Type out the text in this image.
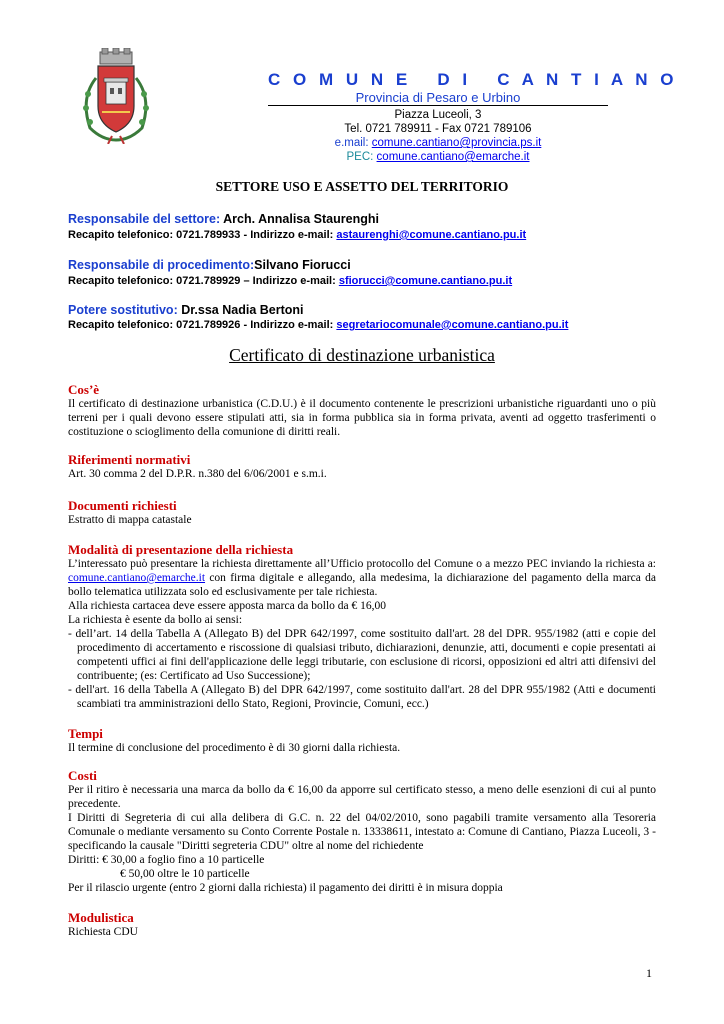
C O M U N E   D I   C A N T I A N O
Provincia di Pesaro e Urbino
Piazza Luceoli, 3
Tel. 0721 789911 - Fax 0721 789106
e.mail: comune.cantiano@provincia.ps.it
PEC: comune.cantiano@emarche.it
SETTORE USO E ASSETTO DEL TERRITORIO
Responsabile del settore: Arch. Annalisa Staurenghi
Recapito telefonico: 0721.789933 - Indirizzo e-mail: astaurenghi@comune.cantiano.pu.it
Responsabile di procedimento:Silvano Fiorucci
Recapito telefonico: 0721.789929 – Indirizzo e-mail: sfiorucci@comune.cantiano.pu.it
Potere sostitutivo: Dr.ssa Nadia Bertoni
Recapito telefonico: 0721.789926 - Indirizzo e-mail: segretariocomunale@comune.cantiano.pu.it
Certificato di destinazione urbanistica
Cos’è
Il certificato di destinazione urbanistica (C.D.U.) è il documento contenente le prescrizioni urbanistiche riguardanti uno o più terreni per i quali devono essere stipulati atti, sia in forma pubblica sia in forma privata, aventi ad oggetto trasferimenti o costituzione o scioglimento della comunione di diritti reali.
Riferimenti normativi
Art. 30 comma 2 del D.P.R. n.380 del 6/06/2001 e s.m.i.
Documenti richiesti
Estratto di mappa catastale
Modalità di presentazione della richiesta
L’interessato può presentare la richiesta direttamente all’Ufficio protocollo del Comune o a mezzo PEC inviando la richiesta a: comune.cantiano@emarche.it con firma digitale e allegando, alla medesima, la dichiarazione del pagamento della marca da bollo telematica utilizzata solo ed esclusivamente per tale richiesta.
Alla richiesta cartacea deve essere apposta marca da bollo da € 16,00
La richiesta è esente da bollo ai sensi:
- dell’art. 14 della Tabella A (Allegato B) del DPR 642/1997, come sostituito dall'art. 28 del DPR. 955/1982 (atti e copie del procedimento di accertamento e riscossione di qualsiasi tributo, dichiarazioni, denunzie, atti, documenti e copie presentati ai competenti uffici ai fini dell'applicazione delle leggi tributarie, con esclusione di ricorsi, opposizioni ed altri atti difensivi del contribuente; (es: Certificato ad Uso Successione);
- dell'art. 16 della Tabella A (Allegato B) del DPR 642/1997, come sostituito dall'art. 28 del DPR 955/1982 (Atti e documenti scambiati tra amministrazioni dello Stato, Regioni, Provincie, Comuni, ecc.)
Tempi
Il termine di conclusione del procedimento è di 30 giorni dalla richiesta.
Costi
Per il ritiro è necessaria una marca da bollo da € 16,00 da apporre sul certificato stesso, a meno delle esenzioni di cui al punto precedente.
I Diritti di Segreteria di cui alla delibera di G.C. n. 22 del 04/02/2010, sono pagabili tramite versamento alla Tesoreria Comunale o mediante versamento su Conto Corrente Postale n. 13338611, intestato a: Comune di Cantiano, Piazza Luceoli, 3 - specificando la causale "Diritti segreteria CDU" oltre al nome del richiedente
Diritti: € 30,00 a foglio fino a 10 particelle
€ 50,00 oltre le 10 particelle
Per il rilascio urgente (entro 2 giorni dalla richiesta) il pagamento dei diritti è in misura doppia
Modulistica
Richiesta CDU
1
